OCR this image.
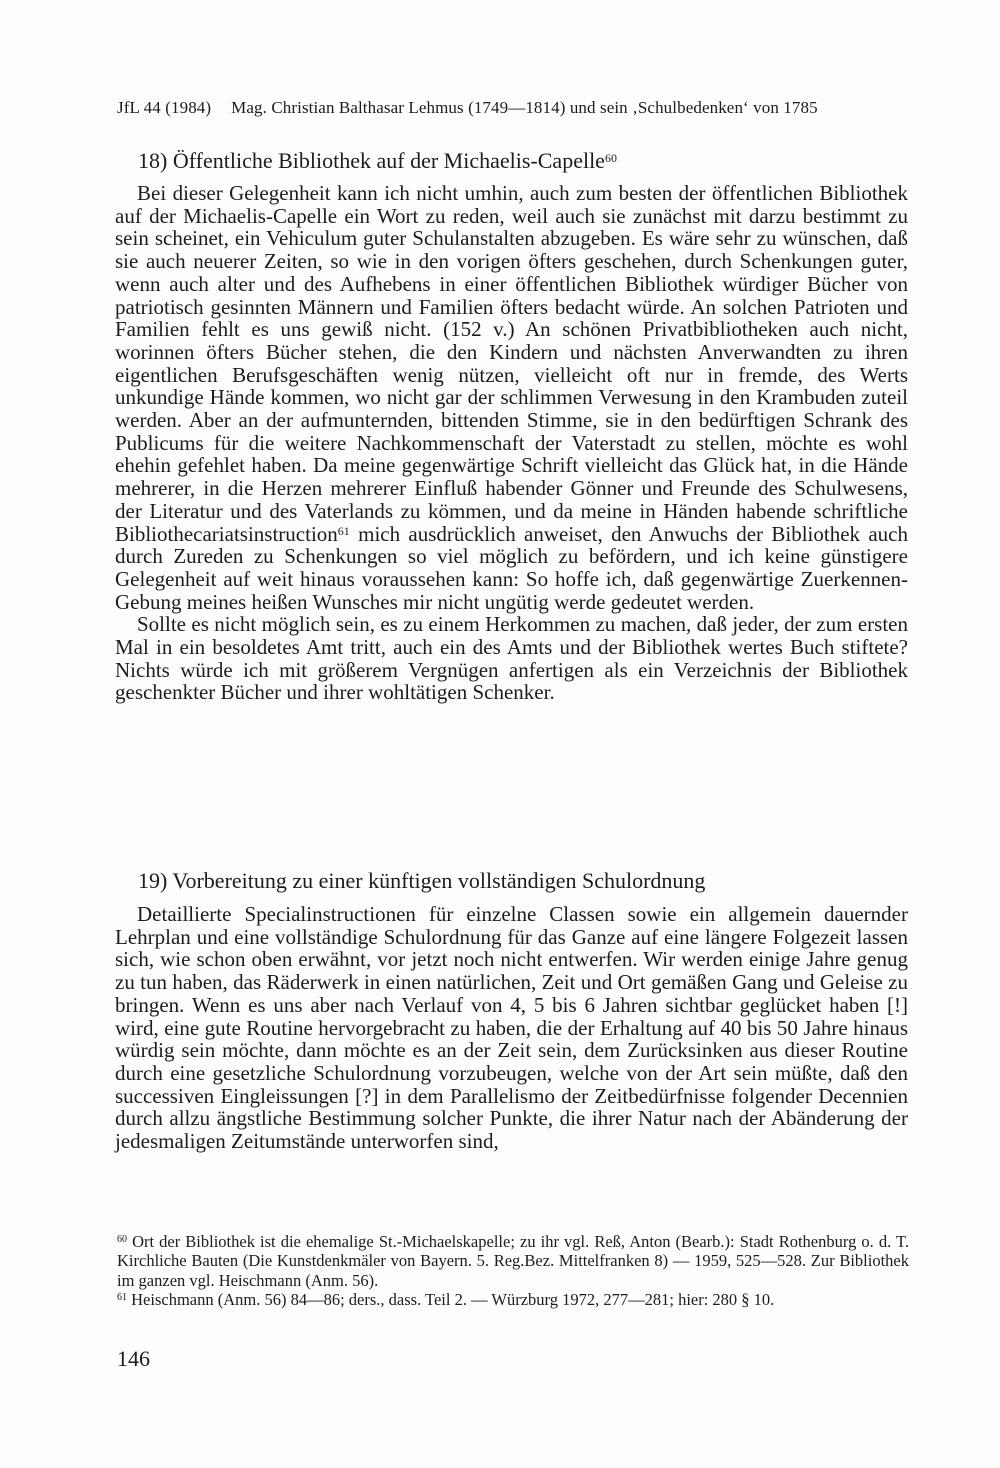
JfL 44 (1984) Mag. Christian Balthasar Lehmus (1749—1814) und sein ‚Schulbedenken‘ von 1785
18) Öffentliche Bibliothek auf der Michaelis-Capelle$^{60}$

Bei dieser Gelegenheit kann ich nicht umhin, auch zum besten der öffentlichen Bibliothek auf der Michaelis-Capelle ein Wort zu reden, weil auch sie zunächst mit darzu bestimmt zu sein scheinet, ein Vehiculum guter Schulanstalten abzugeben. Es wäre sehr zu wünschen, daß sie auch neuerer Zeiten, so wie in den vorigen öfters geschehen, durch Schenkungen guter, wenn auch alter und des Aufhebens in einer öffentlichen Bibliothek würdiger Bücher von patriotisch gesinnten Männern und Familien öfters bedacht würde. An solchen Patrioten und Familien fehlt es uns gewiß nicht. (152 v.) An schönen Privatbibliotheken auch nicht, worinnen öfters Bücher stehen, die den Kindern und nächsten Anverwandten zu ihren eigentlichen Berufsgeschäften wenig nützen, vielleicht oft nur in fremde, des Werts unkundige Hände kommen, wo nicht gar der schlimmen Verwesung in den Krambuden zuteil werden. Aber an der aufmunternden, bittenden Stimme, sie in den bedürftigen Schrank des Publicums für die weitere Nachkommenschaft der Vaterstadt zu stellen, möchte es wohl ehehin gefehlet haben. Da meine gegenwärtige Schrift vielleicht das Glück hat, in die Hände mehrerer, in die Herzen mehrerer Einfluß habender Gönner und Freunde des Schulwesens, der Literatur und des Vaterlands zu kömmen, und da meine in Händen habende schriftliche Bibliothecariatsinstruction$^{61}$ mich ausdrücklich anweiset, den Anwuchs der Bibliothek auch durch Zureden zu Schenkungen so viel möglich zu befördern, und ich keine günstigere Gelegenheit auf weit hinaus voraussehen kann: So hoffe ich, daß gegenwärtige Zuerkennen-Gebung meines heißen Wunsches mir nicht ungütig werde gedeutet werden.

Sollte es nicht möglich sein, es zu einem Herkommen zu machen, daß jeder, der zum ersten Mal in ein besoldetes Amt tritt, auch ein des Amts und der Bibliothek wertes Buch stiftete? Nichts würde ich mit größerem Vergnügen anfertigen als ein Verzeichnis der Bibliothek geschenkter Bücher und ihrer wohltätigen Schenker.

19) Vorbereitung zu einer künftigen vollständigen Schulordnung

Detaillierte Specialinstructionen für einzelne Classen sowie ein allgemein dauernder Lehrplan und eine vollständige Schulordnung für das Ganze auf eine längere Folgezeit lassen sich, wie schon oben erwähnt, vor jetzt noch nicht entwerfen. Wir werden einige Jahre genug zu tun haben, das Räderwerk in einen natürlichen, Zeit und Ort gemäßen Gang und Geleise zu bringen. Wenn es uns aber nach Verlauf von 4, 5 bis 6 Jahren sichtbar geglücket haben [!] wird, eine gute Routine hervorgebracht zu haben, die der Erhaltung auf 40 bis 50 Jahre hinaus würdig sein möchte, dann möchte es an der Zeit sein, dem Zurücksinken aus dieser Routine durch eine gesetzliche Schulordnung vorzubeugen, welche von der Art sein müßte, daß den successiven Eingleissungen [?] in dem Parallelismo der Zeitbedürfnisse folgender Decennien durch allzu ängstliche Bestimmung solcher Punkte, die ihrer Natur nach der Abänderung der jedesmaligen Zeitumstände unterworfen sind,

$^{60}$ Ort der Bibliothek ist die ehemalige St.-Michaelskapelle; zu ihr vgl. Reß, Anton (Bearb.): Stadt Rothenburg o. d. T. Kirchliche Bauten (Die Kunstdenkmäler von Bayern. 5. Reg.Bez. Mittelfranken 8) — 1959, 525—528. Zur Bibliothek im ganzen vgl. Heischmann (Anm. 56).

$^{61}$ Heischmann (Anm. 56) 84—86; ders., dass. Teil 2. — Würzburg 1972, 277—281; hier: 280 § 10.

146
